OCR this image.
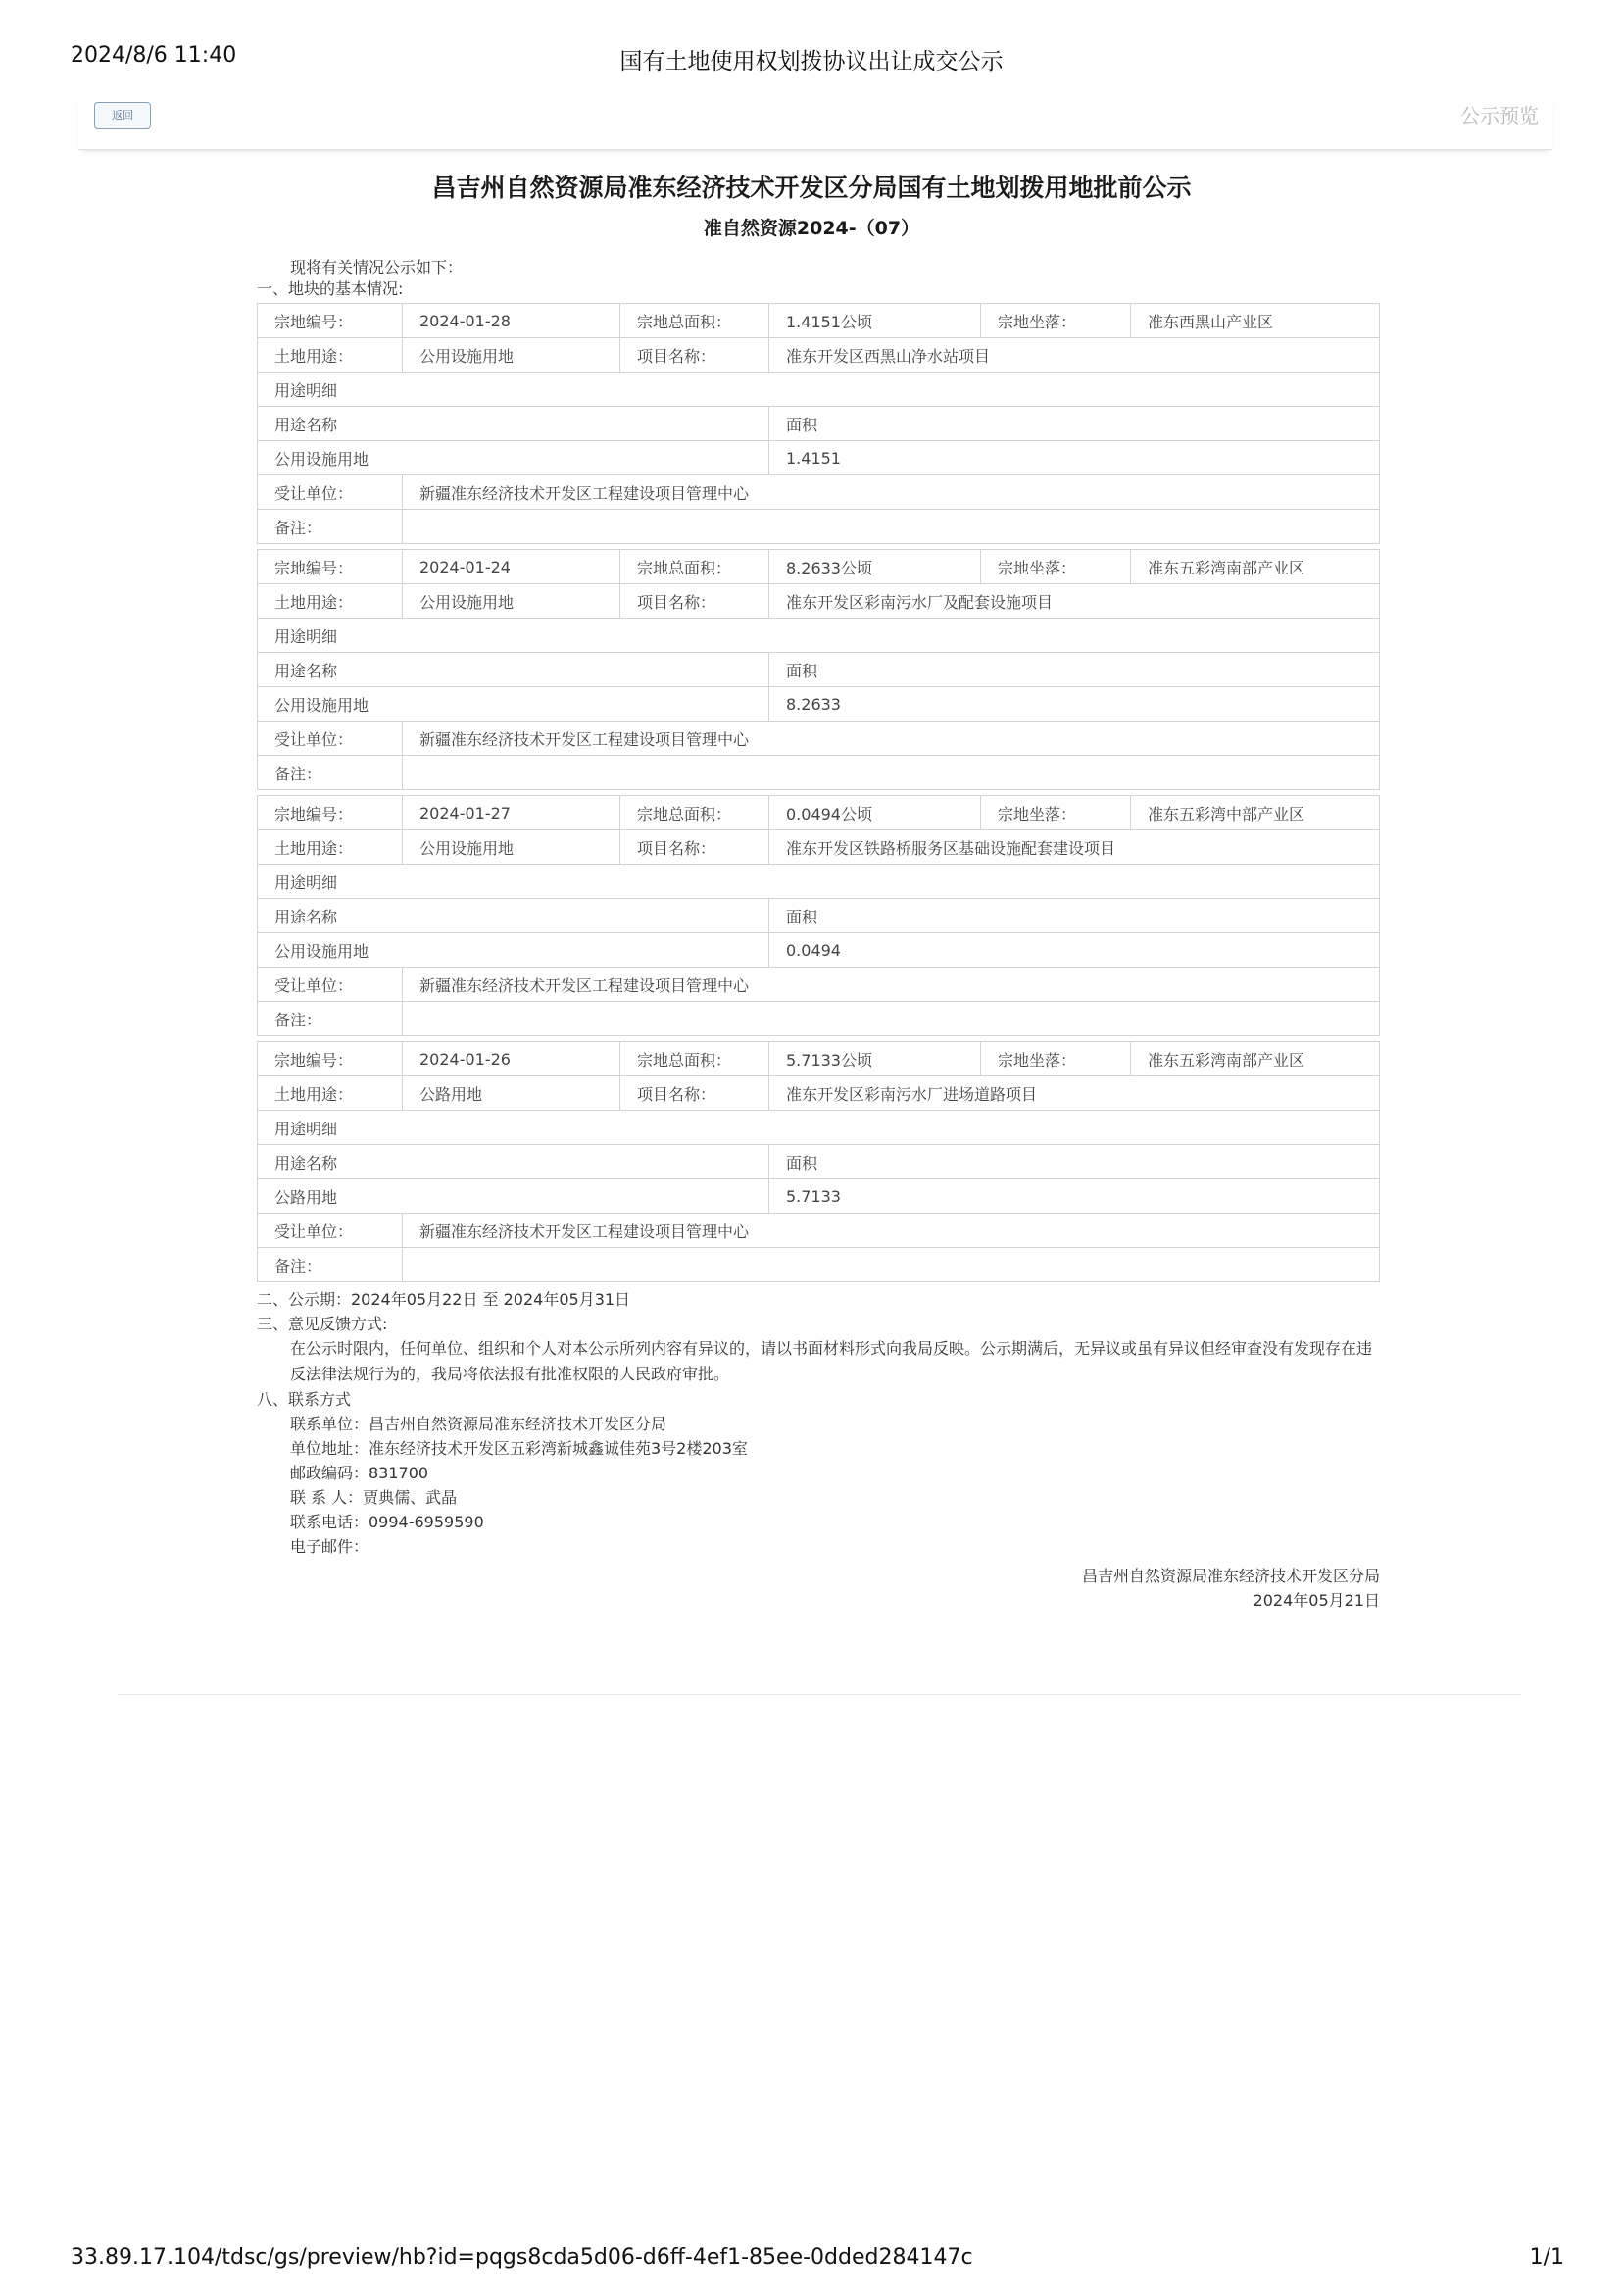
2024/8/6 11:40	国有土地使用权划拨协议出让成交公示
返回	公示预览
昌吉州自然资源局准东经济技术开发区分局国有土地划拨用地批前公示
准自然资源2024-（07）
现将有关情况公示如下：
一、地块的基本情况:
宗地编号：	2024-01-28	宗地总面积：	1.4151公顷	宗地坐落：	准东西黑山产业区
土地用途：	公用设施用地	项目名称：	准东开发区西黑山净水站项目		
用途明细					
用途名称			面积		
公用设施用地			1.4151		
受让单位：	新疆准东经济技术开发区工程建设项目管理中心				
备注：					
宗地编号：	2024-01-24	宗地总面积：	8.2633公顷	宗地坐落：	准东五彩湾南部产业区
土地用途：	公用设施用地	项目名称：	准东开发区彩南污水厂及配套设施项目		
用途明细					
用途名称			面积		
公用设施用地			8.2633		
受让单位：	新疆准东经济技术开发区工程建设项目管理中心				
备注：					
宗地编号：	2024-01-27	宗地总面积：	0.0494公顷	宗地坐落：	准东五彩湾中部产业区
土地用途：	公用设施用地	项目名称：	准东开发区铁路桥服务区基础设施配套建设项目		
用途明细					
用途名称			面积		
公用设施用地			0.0494		
受让单位：	新疆准东经济技术开发区工程建设项目管理中心				
备注：					
宗地编号：	2024-01-26	宗地总面积：	5.7133公顷	宗地坐落：	准东五彩湾南部产业区
土地用途：	公路用地	项目名称：	准东开发区彩南污水厂进场道路项目		
用途明细					
用途名称			面积		
公路用地			5.7133		
受让单位：	新疆准东经济技术开发区工程建设项目管理中心				
备注：					
二、公示期：2024年05月22日 至 2024年05月31日
三、意见反馈方式:
在公示时限内，任何单位、组织和个人对本公示所列内容有异议的，请以书面材料形式向我局反映。公示期满后，无异议或虽有异议但经审查没有发现存在违反法律法规行为的，我局将依法报有批准权限的人民政府审批。
八、联系方式
联系单位：昌吉州自然资源局准东经济技术开发区分局
单位地址：准东经济技术开发区五彩湾新城鑫诚佳苑3号2楼203室
邮政编码：831700
联 系 人：贾典儒、武晶
联系电话：0994-6959590
电子邮件：
昌吉州自然资源局准东经济技术开发区分局
2024年05月21日
33.89.17.104/tdsc/gs/preview/hb?id=pqgs8cda5d06-d6ff-4ef1-85ee-0dded284147c	1/1
